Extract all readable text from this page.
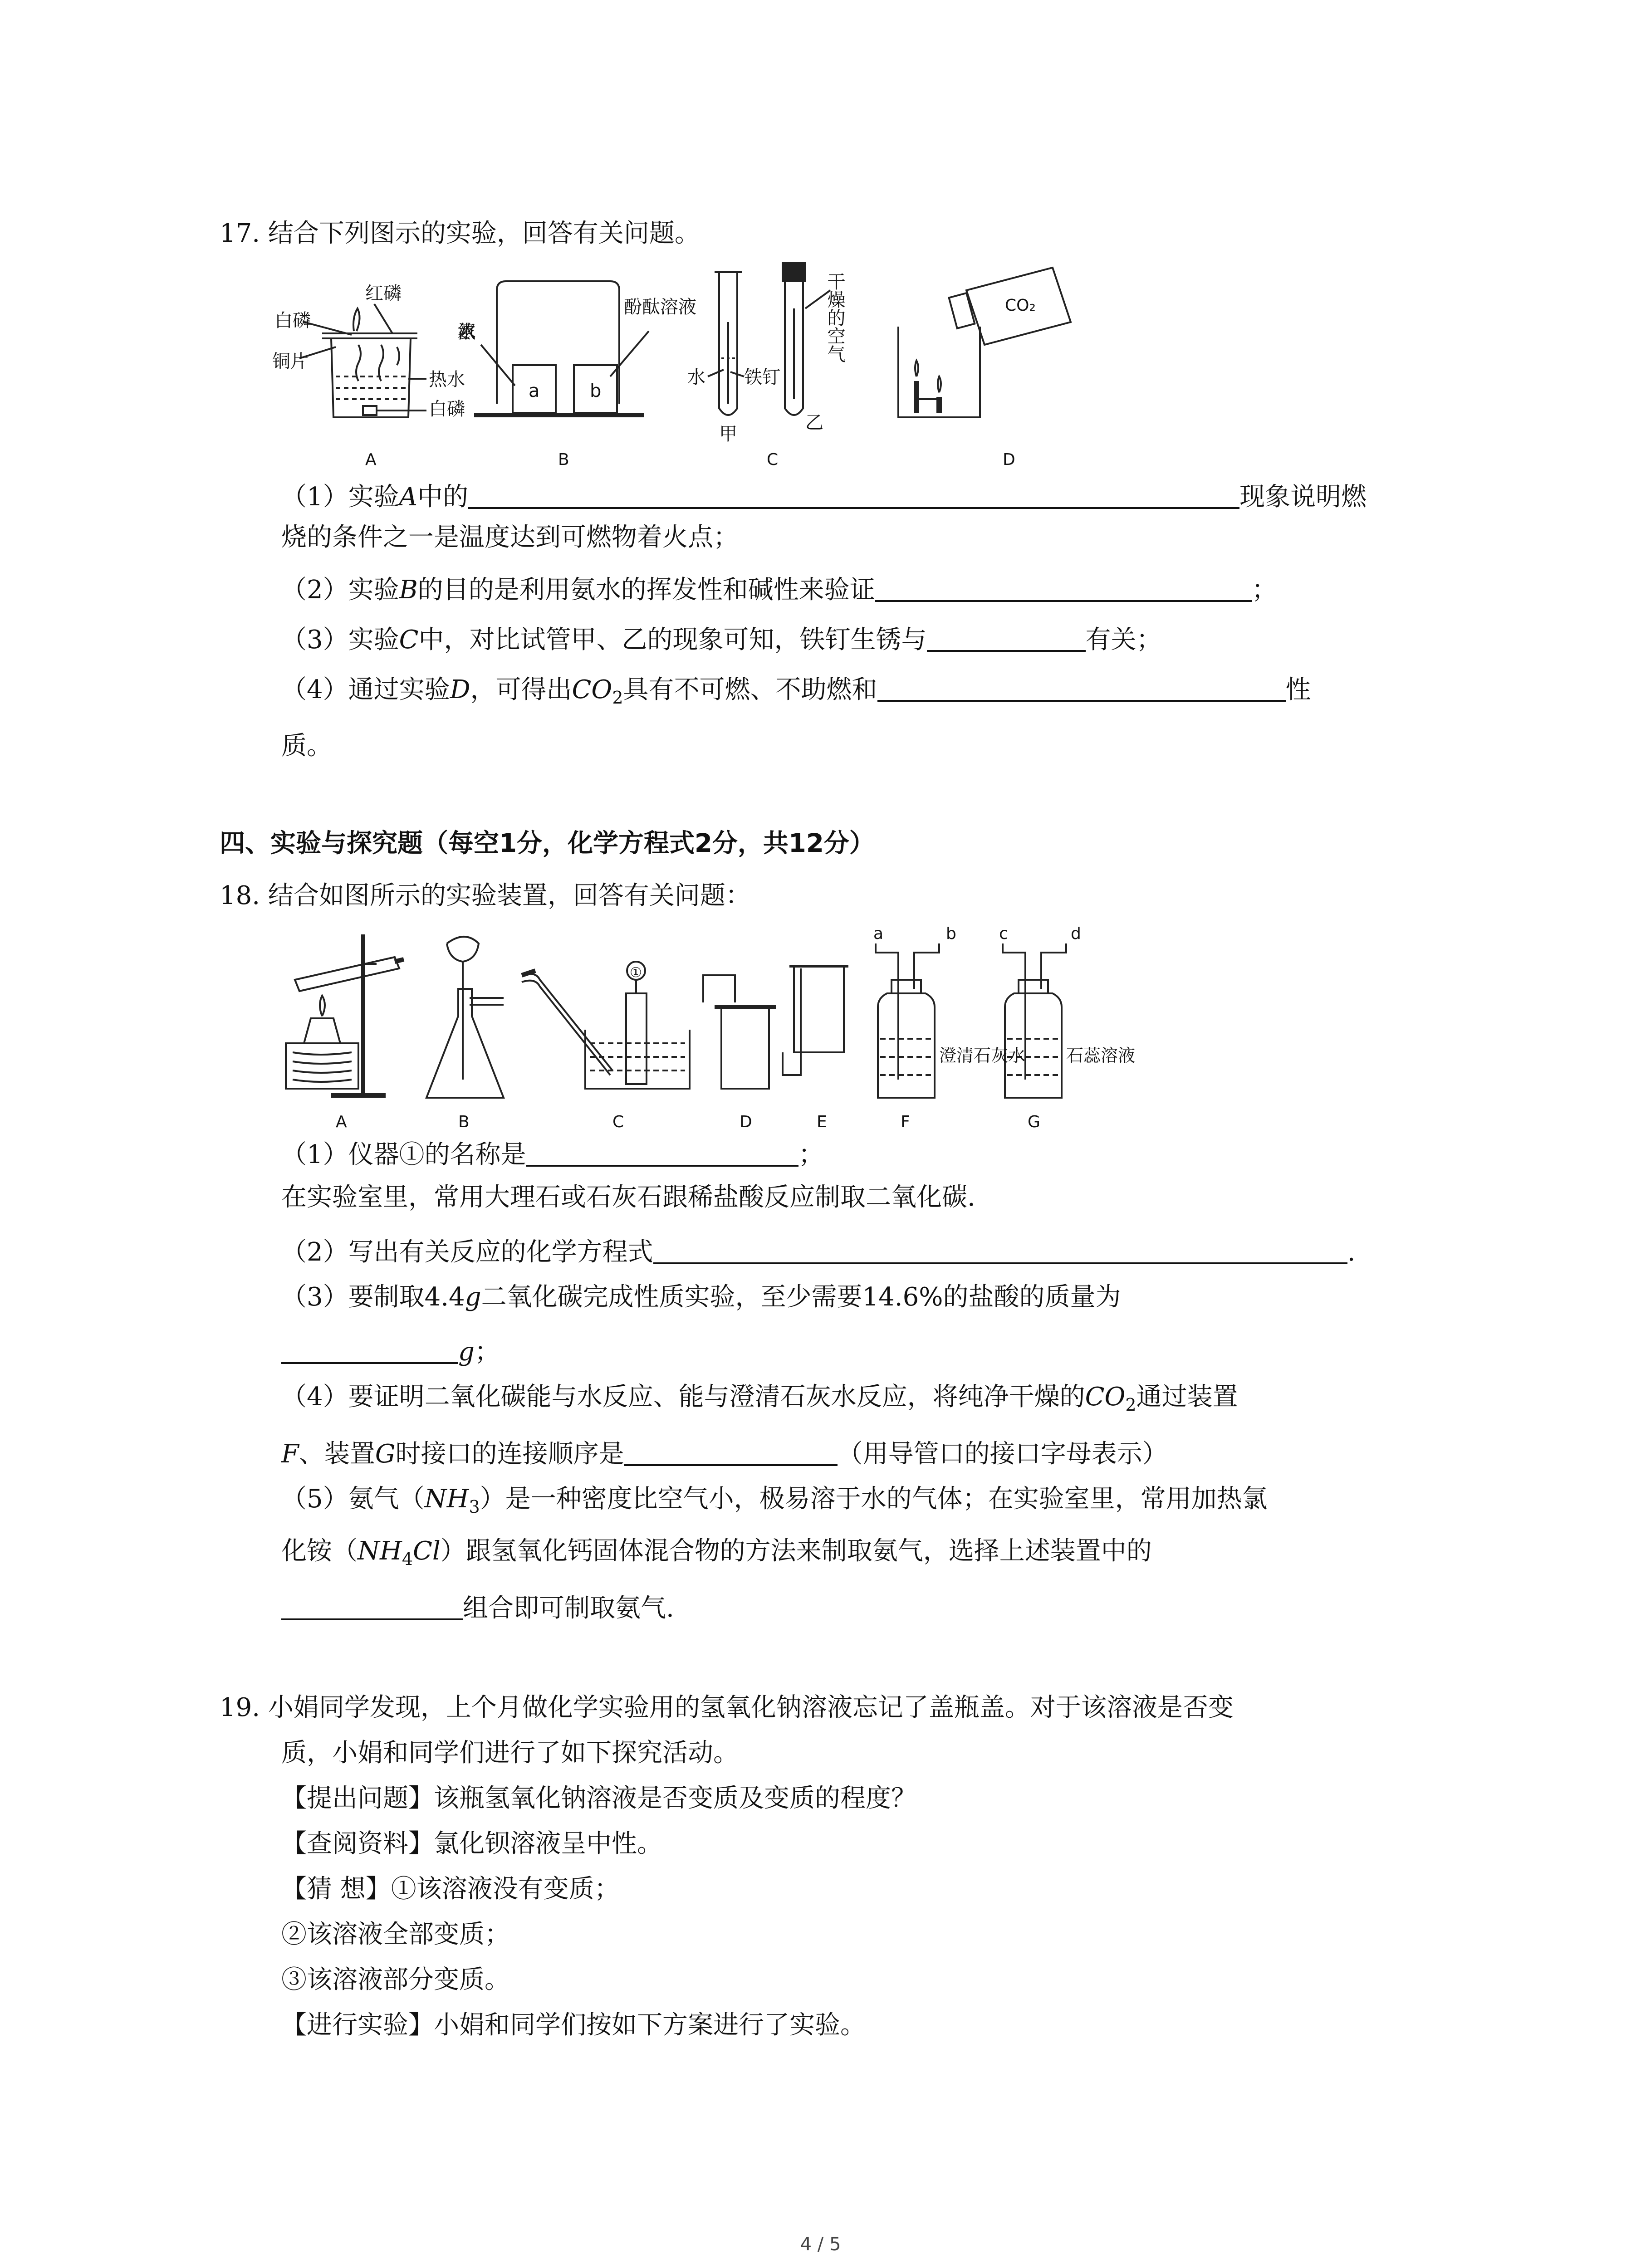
17. 结合下列图示的实验，回答有关问题。
白磷
红磷
铜片
热水
白磷
浓氨水
酚酞溶液
a	b
水 铁钉
甲
乙
干燥的空气	CO₂
A	B	C	D
（1）实验A中的	现象说明燃
烧的条件之一是温度达到可燃物着火点；
（2）实验B的目的是利用氨水的挥发性和碱性来验证	；
（3）实验C中，对比试管甲、乙的现象可知，铁钉生锈与	有关；
（4）通过实验D，可得出$CO_2$具有不可燃、不助燃和	性
质。
四、实验与探究题（每空1分，化学方程式2分，共12分）
18. 结合如图所示的实验装置，回答有关问题：
①
a	b	c	d
澄清石灰水 石蕊溶液
A	B	C	D	E	F	G
（1）仪器①的名称是	；
在实验室里，常用大理石或石灰石跟稀盐酸反应制取二氧化碳.
（2）写出有关反应的化学方程式	.
（3）要制取4.4g二氧化碳完成性质实验，至少需要14.6%的盐酸的质量为
g；
（4）要证明二氧化碳能与水反应、能与澄清石灰水反应，将纯净干燥的$CO_2$通过装置
F、装置G时接口的连接顺序是	（用导管口的接口字母表示）
（5）氨气$(NH_3)$是一种密度比空气小，极易溶于水的气体；在实验室里，常用加热氯
化铵$(NH_4Cl)$跟氢氧化钙固体混合物的方法来制取氨气，选择上述装置中的
组合即可制取氨气.
19. 小娟同学发现，上个月做化学实验用的氢氧化钠溶液忘记了盖瓶盖。对于该溶液是否变
质，小娟和同学们进行了如下探究活动。
【提出问题】该瓶氢氧化钠溶液是否变质及变质的程度？
【查阅资料】氯化钡溶液呈中性。
【猜 想】①该溶液没有变质；
②该溶液全部变质；
③该溶液部分变质。
【进行实验】小娟和同学们按如下方案进行了实验。
4 / 5
